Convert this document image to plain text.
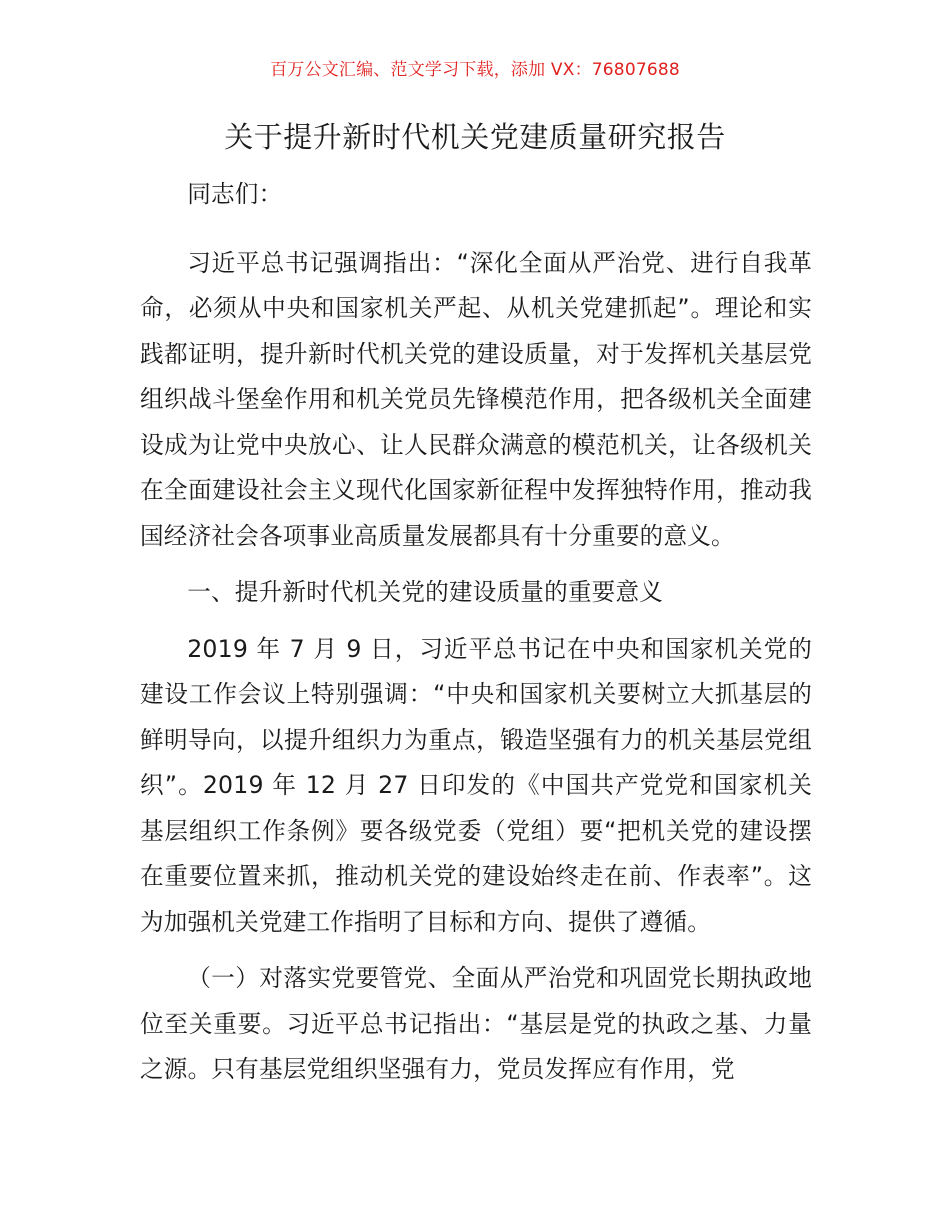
百万公文汇编、范文学习下载，添加 VX：76807688
关于提升新时代机关党建质量研究报告

同志们：

习近平总书记强调指出：“深化全面从严治党、进行自我革命，必须从中央和国家机关严起、从机关党建抓起”。理论和实践都证明，提升新时代机关党的建设质量，对于发挥机关基层党组织战斗堡垒作用和机关党员先锋模范作用，把各级机关全面建设成为让党中央放心、让人民群众满意的模范机关，让各级机关在全面建设社会主义现代化国家新征程中发挥独特作用，推动我国经济社会各项事业高质量发展都具有十分重要的意义。

一、提升新时代机关党的建设质量的重要意义

2019 年 7 月 9 日，习近平总书记在中央和国家机关党的建设工作会议上特别强调：“中央和国家机关要树立大抓基层的鲜明导向，以提升组织力为重点，锻造坚强有力的机关基层党组织”。2019 年 12 月 27 日印发的《中国共产党党和国家机关基层组织工作条例》要各级党委（党组）要“把机关党的建设摆在重要位置来抓，推动机关党的建设始终走在前、作表率”。这为加强机关党建工作指明了目标和方向、提供了遵循。

（一）对落实党要管党、全面从严治党和巩固党长期执政地位至关重要。习近平总书记指出：“基层是党的执政之基、力量之源。只有基层党组织坚强有力，党员发挥应有作用，党
